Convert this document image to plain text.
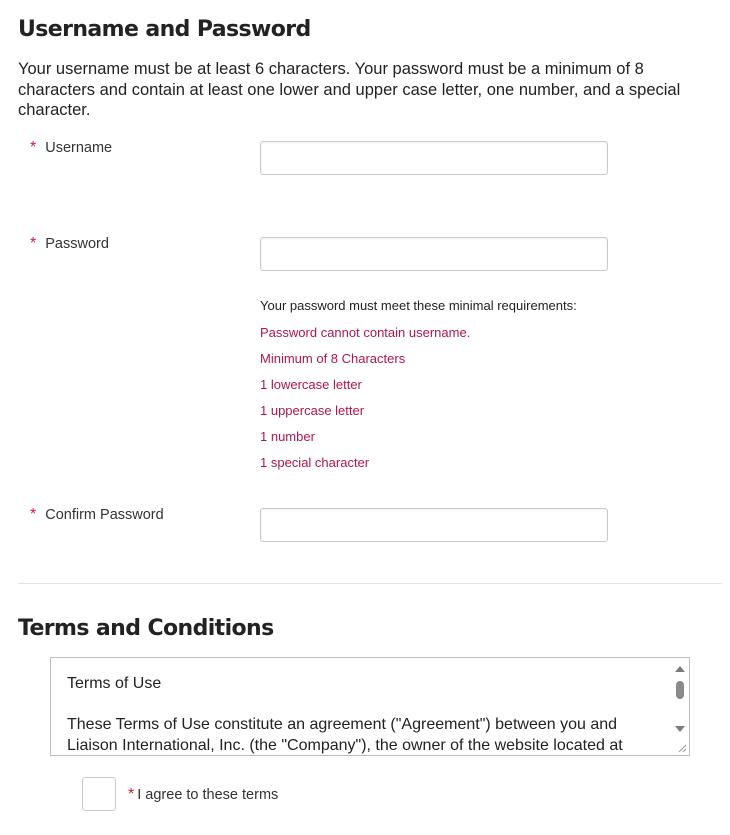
Username and Password
Your username must be at least 6 characters. Your password must be a minimum of 8 characters and contain at least one lower and upper case letter, one number, and a special character.
* Username
* Password
Your password must meet these minimal requirements:
Password cannot contain username.
Minimum of 8 Characters
1 lowercase letter
1 uppercase letter
1 number
1 special character
* Confirm Password
Terms and Conditions

Terms of Use

These Terms of Use constitute an agreement ("Agreement") between you and Liaison International, Inc. (the "Company"), the owner of the website located at

* I agree to these terms
